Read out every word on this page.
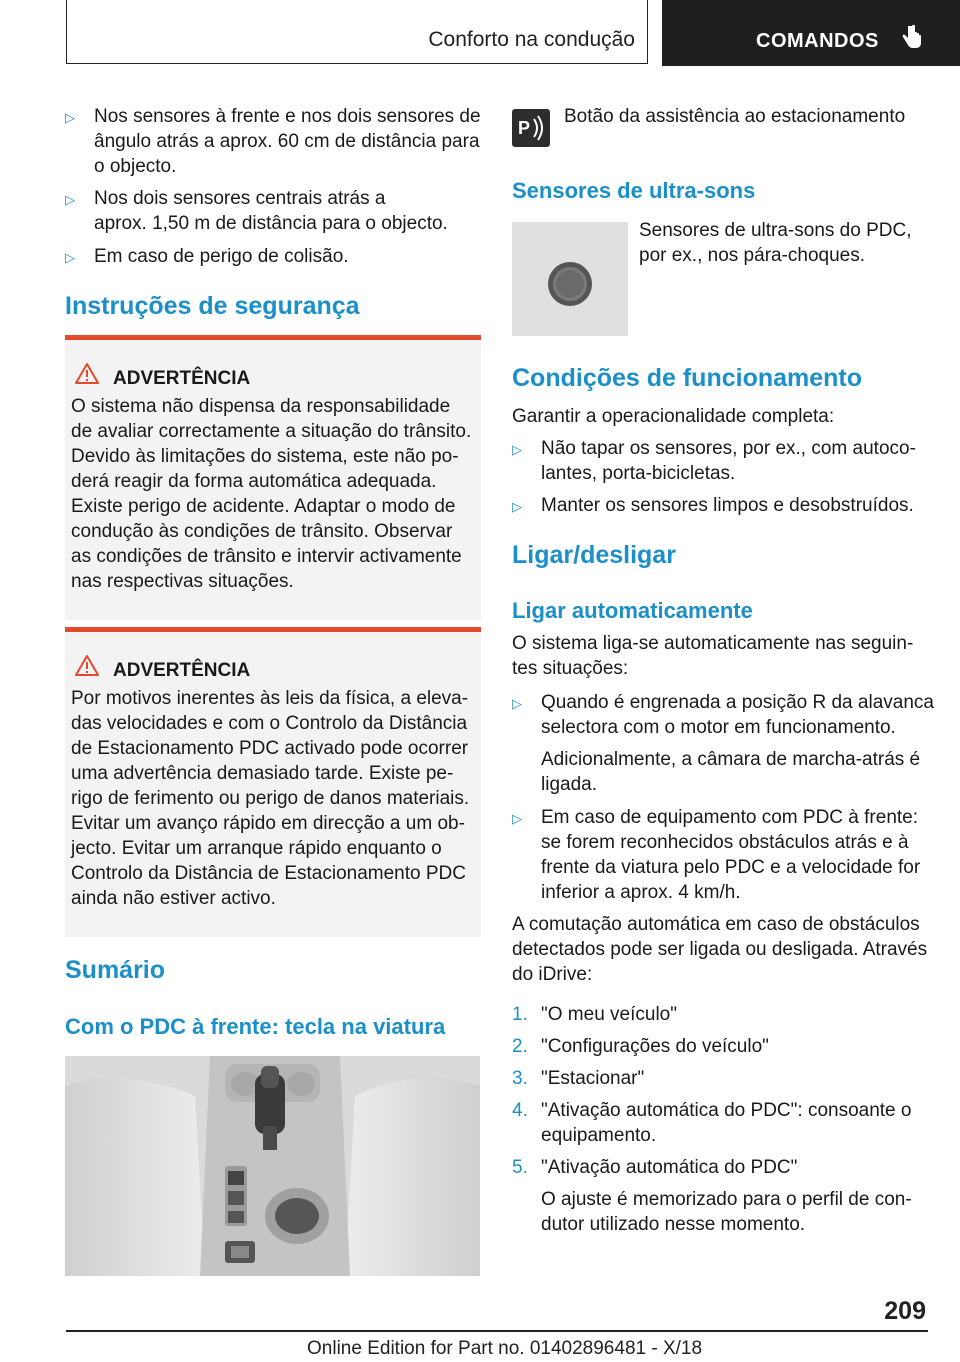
Conforto na condução	COMANDOS
▷	Nos sensores à frente e nos dois sensores de
ângulo atrás a aprox. 60 cm de distância para
o objecto.
▷	Nos dois sensores centrais atrás a
aprox. 1,50 m de distância para o objecto.
▷	Em caso de perigo de colisão.
Instruções de segurança
ADVERTÊNCIA
O sistema não dispensa da responsabilidade
de avaliar correctamente a situação do trânsito.
Devido às limitações do sistema, este não po-
derá reagir da forma automática adequada.
Existe perigo de acidente. Adaptar o modo de
condução às condições de trânsito. Observar
as condições de trânsito e intervir activamente
nas respectivas situações.
ADVERTÊNCIA
Por motivos inerentes às leis da física, a eleva-
das velocidades e com o Controlo da Distância
de Estacionamento PDC activado pode ocorrer
uma advertência demasiado tarde. Existe pe-
rigo de ferimento ou perigo de danos materiais.
Evitar um avanço rápido em direcção a um ob-
jecto. Evitar um arranque rápido enquanto o
Controlo da Distância de Estacionamento PDC
ainda não estiver activo.
Sumário
Com o PDC à frente: tecla na viatura
P
Botão da assistência ao estacionamento
Sensores de ultra-sons
Sensores de ultra-sons do PDC,
por ex., nos pára-choques.
Condições de funcionamento
Garantir a operacionalidade completa:
▷	Não tapar os sensores, por ex., com autoco-
lantes, porta-bicicletas.
▷	Manter os sensores limpos e desobstruídos.
Ligar/desligar
Ligar automaticamente
O sistema liga-se automaticamente nas seguin-
tes situações:
▷	Quando é engrenada a posição R da alavanca
selectora com o motor em funcionamento.
Adicionalmente, a câmara de marcha-atrás é
ligada.
▷	Em caso de equipamento com PDC à frente:
se forem reconhecidos obstáculos atrás e à
frente da viatura pelo PDC e a velocidade for
inferior a aprox. 4 km/h.
A comutação automática em caso de obstáculos
detectados pode ser ligada ou desligada. Através
do iDrive:
1. "O meu veículo"
2. "Configurações do veículo"
3. "Estacionar"
4. "Ativação automática do PDC": consoante o
equipamento.
5. "Ativação automática do PDC"
O ajuste é memorizado para o perfil de con-
dutor utilizado nesse momento.
209
Online Edition for Part no. 01402896481 - X/18
